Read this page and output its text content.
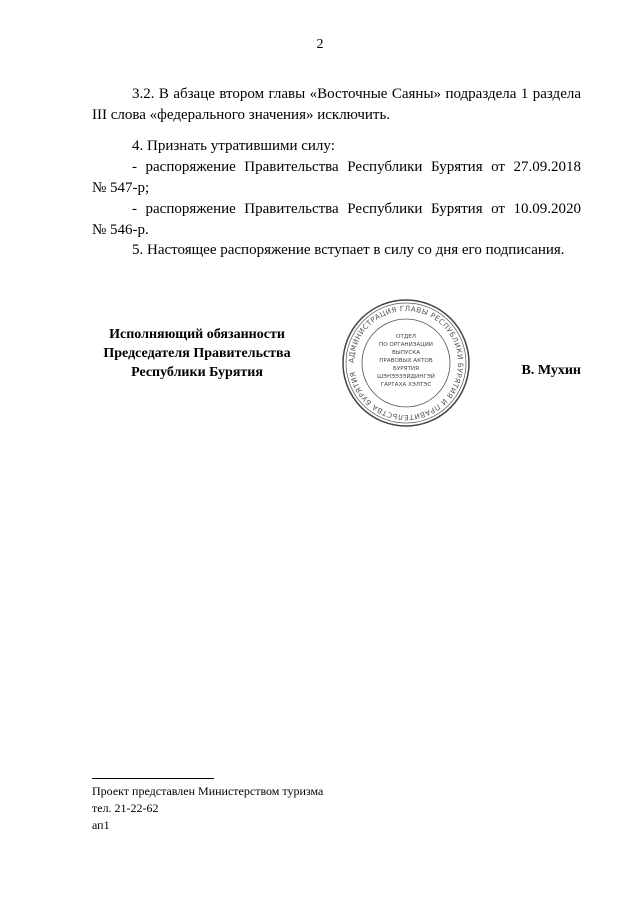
2

3.2. В абзаце втором главы «Восточные Саяны» подраздела 1 раздела

III слова «федерального значения» исключить.

4. Признать утратившими силу:

- распоряжение Правительства Республики Бурятия от 27.09.2018

№ 547-р;

- распоряжение Правительства Республики Бурятия от 10.09.2020

№ 546-р.

5. Настоящее распоряжение вступает в силу со дня его подписания.

Исполняющий обязанности
Председателя Правительства
Республики Бурятия
АДМИНИСТРАЦИЯ ГЛАВЫ РЕСПУБЛИКИ БУРЯТИЯ И ПРАВИТЕЛЬСТВА БУРЯТИЯ
ОТДЕЛ
ПО ОРГАНИЗАЦИИ
ВЫПУСКА
ПРАВОВЫХ АКТОВ
БУРЯТИЯ
ШЭНЭЭЗЭЙДИНГЭЙ
ГАРГАХА ХЭЛТЭС
В. Мухин
Проект представлен Министерством туризма
тел. 21-22-62
ап1
